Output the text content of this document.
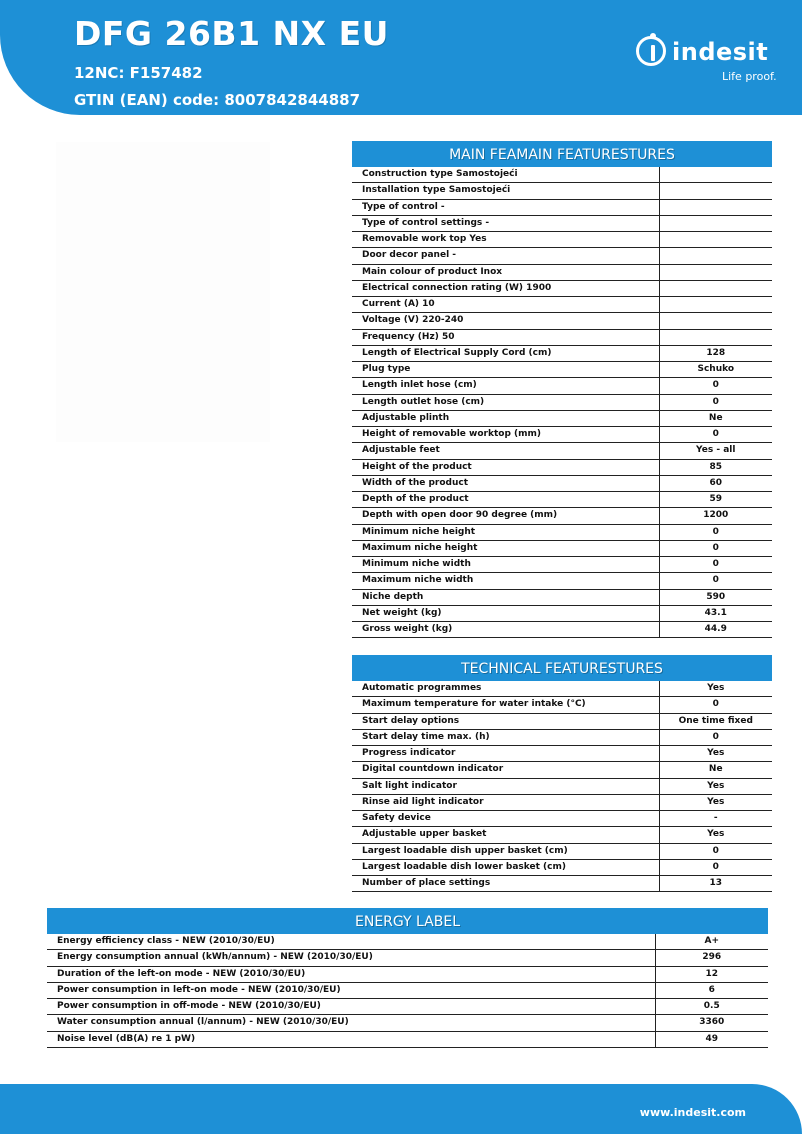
DFG 26B1 NX EU
12NC: F157482
GTIN (EAN) code: 8007842844887
indesit
Life proof.
MAIN FEAMAIN FEATURESTURES
Construction type Samostojeći	
Installation type Samostojeći	
Type of control -	
Type of control settings -	
Removable work top Yes	
Door decor panel -	
Main colour of product Inox	
Electrical connection rating (W) 1900	
Current (A) 10	
Voltage (V) 220-240	
Frequency (Hz) 50	
Length of Electrical Supply Cord (cm)	128
Plug type	Schuko
Length inlet hose (cm)	0
Length outlet hose (cm)	0
Adjustable plinth	Ne
Height of removable worktop (mm)	0
Adjustable feet	Yes - all
Height of the product	85
Width of the product	60
Depth of the product	59
Depth with open door 90 degree (mm)	1200
Minimum niche height	0
Maximum niche height	0
Minimum niche width	0
Maximum niche width	0
Niche depth	590
Net weight (kg)	43.1
Gross weight (kg)	44.9
TECHNICAL FEATURESTURES
Automatic programmes	Yes
Maximum temperature for water intake (°C)	0
Start delay options	One time fixed
Start delay time max. (h)	0
Progress indicator	Yes
Digital countdown indicator	Ne
Salt light indicator	Yes
Rinse aid light indicator	Yes
Safety device	-
Adjustable upper basket	Yes
Largest loadable dish upper basket (cm)	0
Largest loadable dish lower basket (cm)	0
Number of place settings	13
ENERGY LABEL
Energy efficiency class - NEW (2010/30/EU)	A+
Energy consumption annual (kWh/annum) - NEW (2010/30/EU)	296
Duration of the left-on mode - NEW (2010/30/EU)	12
Power consumption in left-on mode - NEW (2010/30/EU)	6
Power consumption in off-mode - NEW (2010/30/EU)	0.5
Water consumption annual (l/annum) - NEW (2010/30/EU)	3360
Noise level (dB(A) re 1 pW)	49
www.indesit.com
